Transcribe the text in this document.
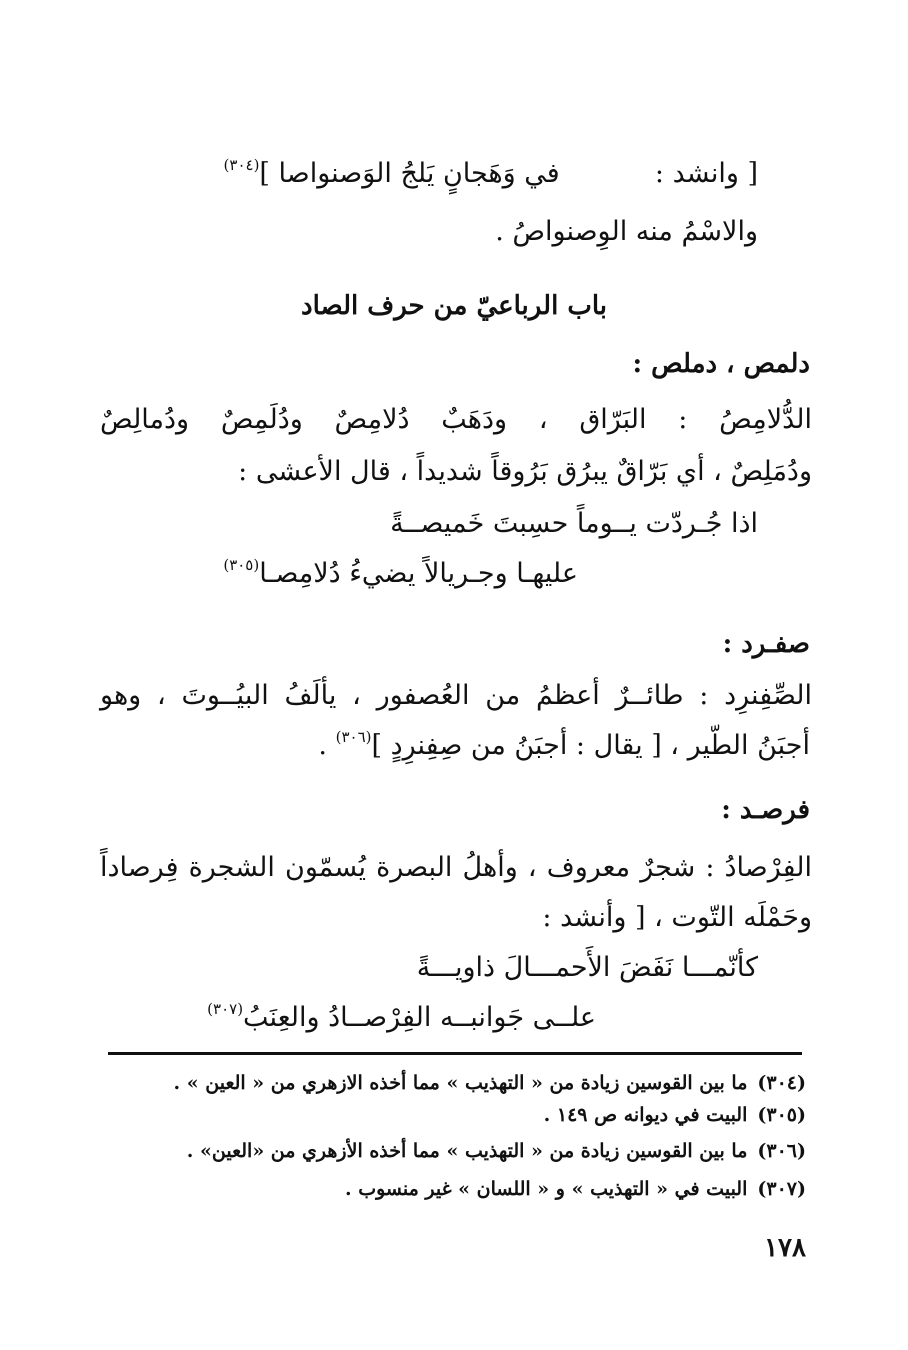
[ وانشد :  في وَهَجانٍ يَلجُ الوَصنواصا ]$^{(٣٠٤)}$
والاسْمُ منه الوِصنواصُ .
باب الرباعيّ من حرف الصاد
دلمص ، دملص :
الدُّلامِصُ : البَرّاق ، ودَهَبٌ دُلامِصٌ ودُلَمِصٌ ودُمالِصٌ
ودُمَلِصٌ ، أي بَرّاقٌ يبرُق بَرُوقاً شديداً ، قال الأعشى :
اذا جُـردّت يــوماً حسِبتَ خَميصــةً
عليهـا وجـريالاً يضيءُ دُلامِصـا$^{(٣٠٥)}$
صفـرد :
الصِّفِنرِد : طائــرٌ أعظمُ من العُصفور ، يألَفُ البيُــوتَ ، وهو
أجبَنُ الطّير ، [ يقال : أجبَنُ من صِفِنرِدٍ ]$^{(٣٠٦)}$ .
فرصـد :
الفِرْصادُ : شجرٌ معروف ، وأهلُ البصرة يُسمّون الشجرة فِرصاداً
وحَمْلَه التّوت ، [ وأنشد :
كأنّمـــا نَفَضَ الأَحمـــالَ ذاويـــةً
علــى جَوانبــه الفِرْصــادُ والعِنَبُ$^{(٣٠٧)}$
(٣٠٤)ما بين القوسين زيادة من « التهذيب » مما أخذه الازهري من « العين » .
(٣٠٥)البيت في ديوانه ص ١٤٩ .
(٣٠٦)ما بين القوسين زيادة من « التهذيب » مما أخذه الأزهري من «العين» .
(٣٠٧)البيت في « التهذيب » و « اللسان » غير منسوب .
١٧٨
